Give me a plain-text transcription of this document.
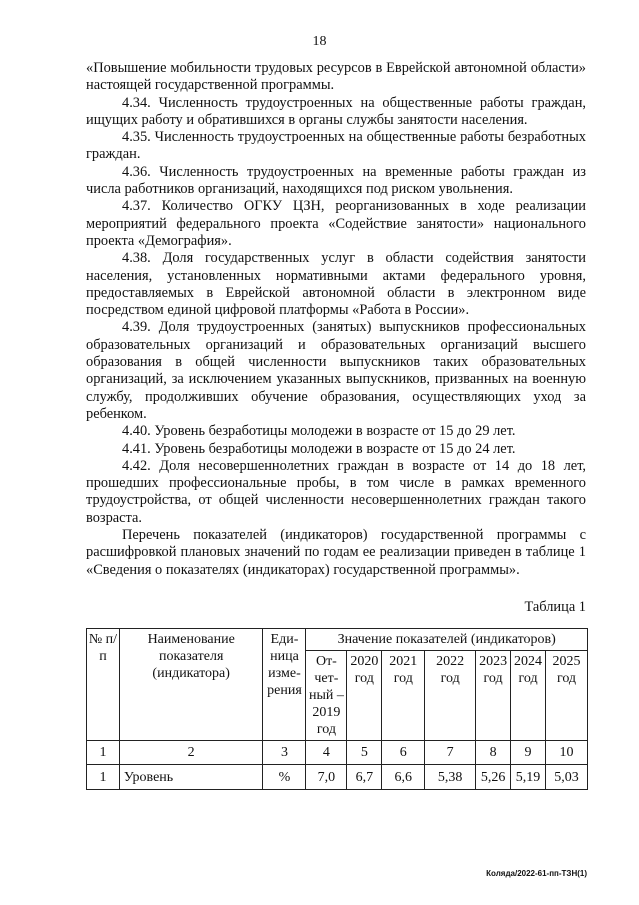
18

«Повышение мобильности трудовых ресурсов в Еврейской автономной области» настоящей государственной программы.

4.34. Численность трудоустроенных на общественные работы граждан, ищущих работу и обратившихся в органы службы занятости населения.

4.35. Численность трудоустроенных на общественные работы безработных граждан.

4.36. Численность трудоустроенных на временные работы граждан из числа работников организаций, находящихся под риском увольнения.

4.37. Количество ОГКУ ЦЗН, реорганизованных в ходе реализации мероприятий федерального проекта «Содействие занятости» национального проекта «Демография».

4.38. Доля государственных услуг в области содействия занятости населения, установленных нормативными актами федерального уровня, предоставляемых в Еврейской автономной области в электронном виде посредством единой цифровой платформы «Работа в России».

4.39. Доля трудоустроенных (занятых) выпускников профессиональных образовательных организаций и образовательных организаций высшего образования в общей численности выпускников таких образовательных организаций, за исключением указанных выпускников, призванных на военную службу, продолживших обучение образования, осуществляющих уход за ребенком.

4.40. Уровень безработицы молодежи в возрасте от 15 до 29 лет.

4.41. Уровень безработицы молодежи в возрасте от 15 до 24 лет.

4.42. Доля несовершеннолетних граждан в возрасте от 14 до 18 лет, прошедших профессиональные пробы, в том числе в рамках временного трудоустройства, от общей численности несовершеннолетних граждан такого возраста.

Перечень показателей (индикаторов) государственной программы с расшифровкой плановых значений по годам ее реализации приведен в таблице 1 «Сведения о показателях (индикаторах) государственной программы».

Таблица 1
№ п/п	Наименование показателя (индикатора)	Еди-ница изме-рения	Значение показателей (индикаторов)						
			От-чет-ный – 2019 год	2020 год	2021 год	2022 год	2023 год	2024 год	2025 год
1	2	3	4	5	6	7	8	9	10
1	Уровень	%	7,0	6,7	6,6	5,38	5,26	5,19	5,03
Коляда/2022-61-пп-ТЗН(1)
